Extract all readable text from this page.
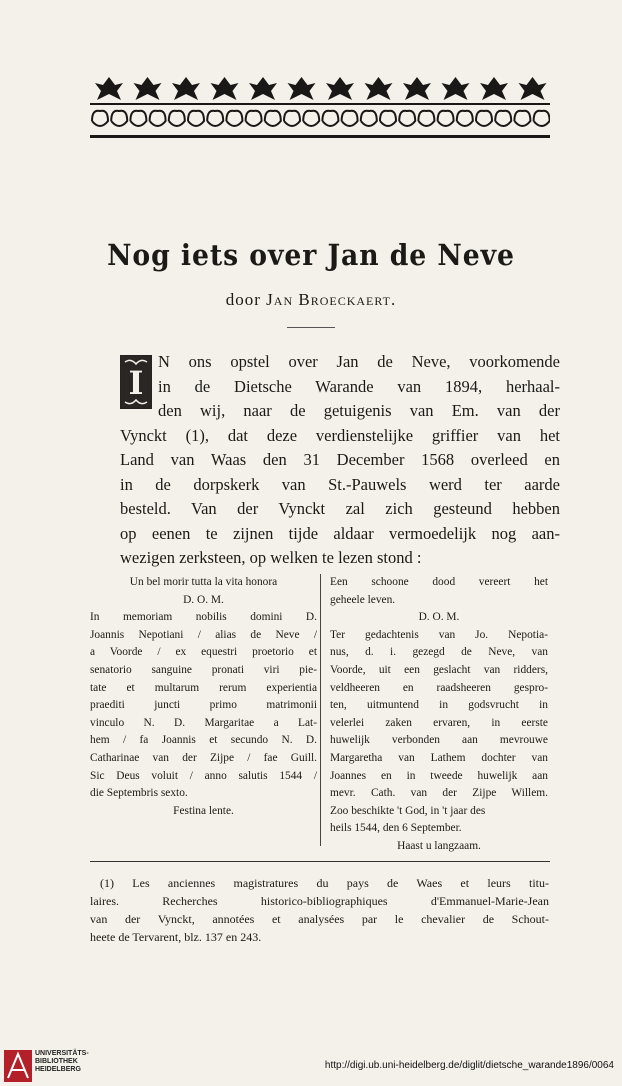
Nog iets over Jan de Neve
door Jan Broeckaert.
I
N ons opstel over Jan de Neve, voorkomende
in de Dietsche Warande van 1894, herhaal-
den wij, naar de getuigenis van Em. van der
Vynckt (1), dat deze verdienstelijke griffier van het
Land van Waas den 31 December 1568 overleed en
in de dorpskerk van St.-Pauwels werd ter aarde
besteld. Van der Vynckt zal zich gesteund hebben
op eenen te zijnen tijde aldaar vermoedelijk nog aan-
wezigen zerksteen, op welken te lezen stond :
Un bel morir tutta la vita honora
D. O. M.
In memoriam nobilis domini D.
Joannis Nepotiani / alias de Neve /
a Voorde / ex equestri proetorio et
senatorio sanguine pronati viri pie-
tate et multarum rerum experientia
praediti juncti primo matrimonii
vinculo N. D. Margaritae a Lat-
hem / fa Joannis et secundo N. D.
Catharinae van der Zijpe / fae Guill.
Sic Deus voluit / anno salutis 1544 /
die Septembris sexto.
Festina lente.
Een schoone dood vereert het
geheele leven.
D. O. M.
Ter gedachtenis van Jo. Nepotia-
nus, d. i. gezegd de Neve, van
Voorde, uit een geslacht van ridders,
veldheeren en raadsheeren gespro-
ten, uitmuntend in godsvrucht in
velerlei zaken ervaren, in eerste
huwelijk verbonden aan mevrouwe
Margaretha van Lathem dochter van
Joannes en in tweede huwelijk aan
mevr. Cath. van der Zijpe Willem.
Zoo beschikte 't God, in 't jaar des
heils 1544, den 6 September.
Haast u langzaam.
(1) Les anciennes magistratures du pays de Waes et leurs titu-
laires. Recherches historico-bibliographiques d'Emmanuel-Marie-Jean
van der Vynckt, annotées et analysées par le chevalier de Schout-
heete de Tervarent, blz. 137 en 243.
UNIVERSITÄTS-
BIBLIOTHEK
HEIDELBERG	http://digi.ub.uni-heidelberg.de/diglit/dietsche_warande1896/0064
